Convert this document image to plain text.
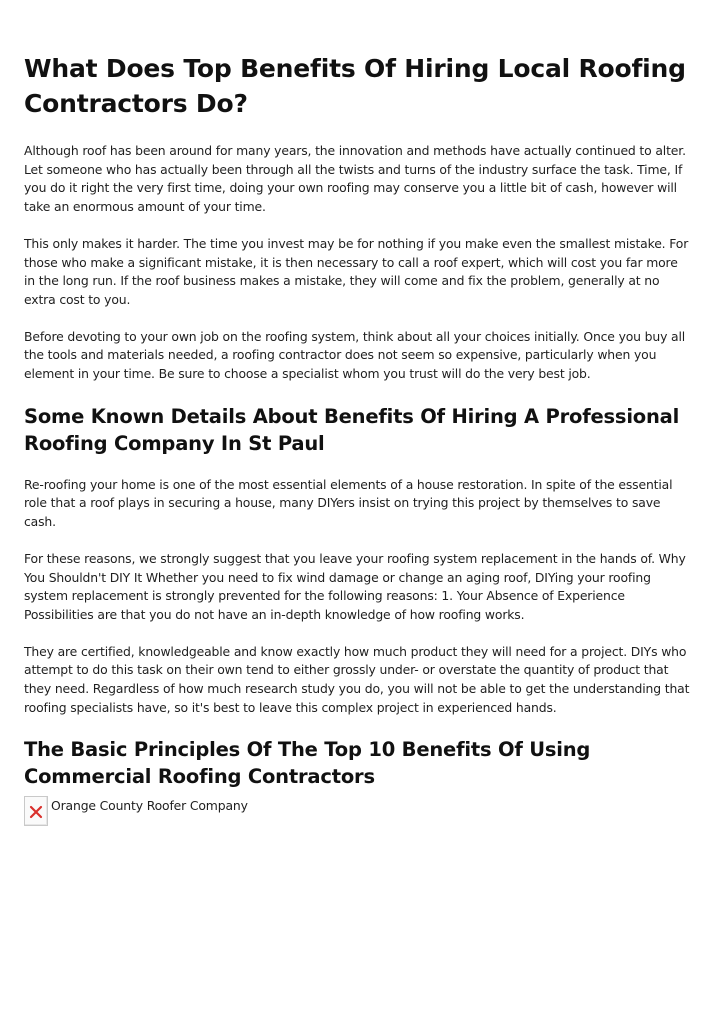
What Does Top Benefits Of Hiring Local Roofing Contractors Do?

Although roof has been around for many years, the innovation and methods have actually continued to alter. Let someone who has actually been through all the twists and turns of the industry surface the task. Time, If you do it right the very first time, doing your own roofing may conserve you a little bit of cash, however will take an enormous amount of your time.

This only makes it harder. The time you invest may be for nothing if you make even the smallest mistake. For those who make a significant mistake, it is then necessary to call a roof expert, which will cost you far more in the long run. If the roof business makes a mistake, they will come and fix the problem, generally at no extra cost to you.

Before devoting to your own job on the roofing system, think about all your choices initially. Once you buy all the tools and materials needed, a roofing contractor does not seem so expensive, particularly when you element in your time. Be sure to choose a specialist whom you trust will do the very best job.

Some Known Details About Benefits Of Hiring A Professional Roofing Company In St Paul

Re-roofing your home is one of the most essential elements of a house restoration. In spite of the essential role that a roof plays in securing a house, many DIYers insist on trying this project by themselves to save cash.

For these reasons, we strongly suggest that you leave your roofing system replacement in the hands of. Why You Shouldn't DIY It Whether you need to fix wind damage or change an aging roof, DIYing your roofing system replacement is strongly prevented for the following reasons: 1. Your Absence of Experience Possibilities are that you do not have an in-depth knowledge of how roofing works.

They are certified, knowledgeable and know exactly how much product they will need for a project. DIYs who attempt to do this task on their own tend to either grossly under- or overstate the quantity of product that they need. Regardless of how much research study you do, you will not be able to get the understanding that roofing specialists have, so it's best to leave this complex project in experienced hands.

The Basic Principles Of The Top 10 Benefits Of Using Commercial Roofing Contractors
Orange County Roofer Company
